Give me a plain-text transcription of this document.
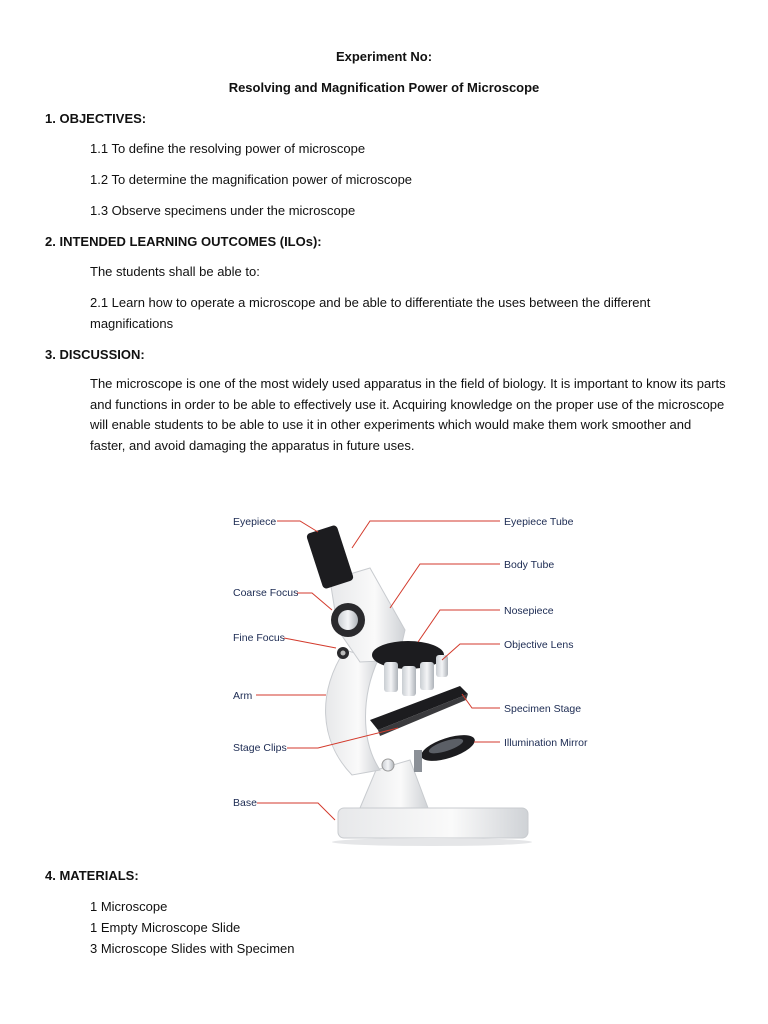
Experiment No:
Resolving and Magnification Power of Microscope
1. OBJECTIVES:
1.1 To define the resolving power of microscope
1.2 To determine the magnification power of microscope
1.3 Observe specimens under the microscope
2. INTENDED LEARNING OUTCOMES (ILOs):
The students shall be able to:
2.1 Learn how to operate a microscope and be able to differentiate the uses between the different
magnifications
3. DISCUSSION:
The microscope is one of the most widely used apparatus in the field of biology. It is important to know its parts and functions in order to be able to effectively use it. Acquiring knowledge on the proper use of the microscope will enable students to be able to use it in other experiments which would make them work smoother and faster, and avoid damaging the apparatus in future uses.
Eyepiece
Coarse Focus
Fine Focus
Arm
Stage Clips
Base
Eyepiece Tube
Body Tube
Nosepiece
Objective Lens
Specimen Stage
Illumination Mirror
4. MATERIALS:
1 Microscope
1 Empty Microscope Slide
3 Microscope Slides with Specimen
